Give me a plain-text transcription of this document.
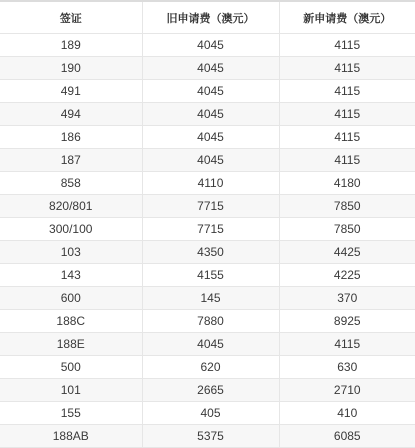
签证	旧申请费（澳元）	新申请费（澳元）
189	4045	4115
190	4045	4115
491	4045	4115
494	4045	4115
186	4045	4115
187	4045	4115
858	4110	4180
820/801	7715	7850
300/100	7715	7850
103	4350	4425
143	4155	4225
600	145	370
188C	7880	8925
188E	4045	4115
500	620	630
101	2665	2710
155	405	410
188AB	5375	6085
